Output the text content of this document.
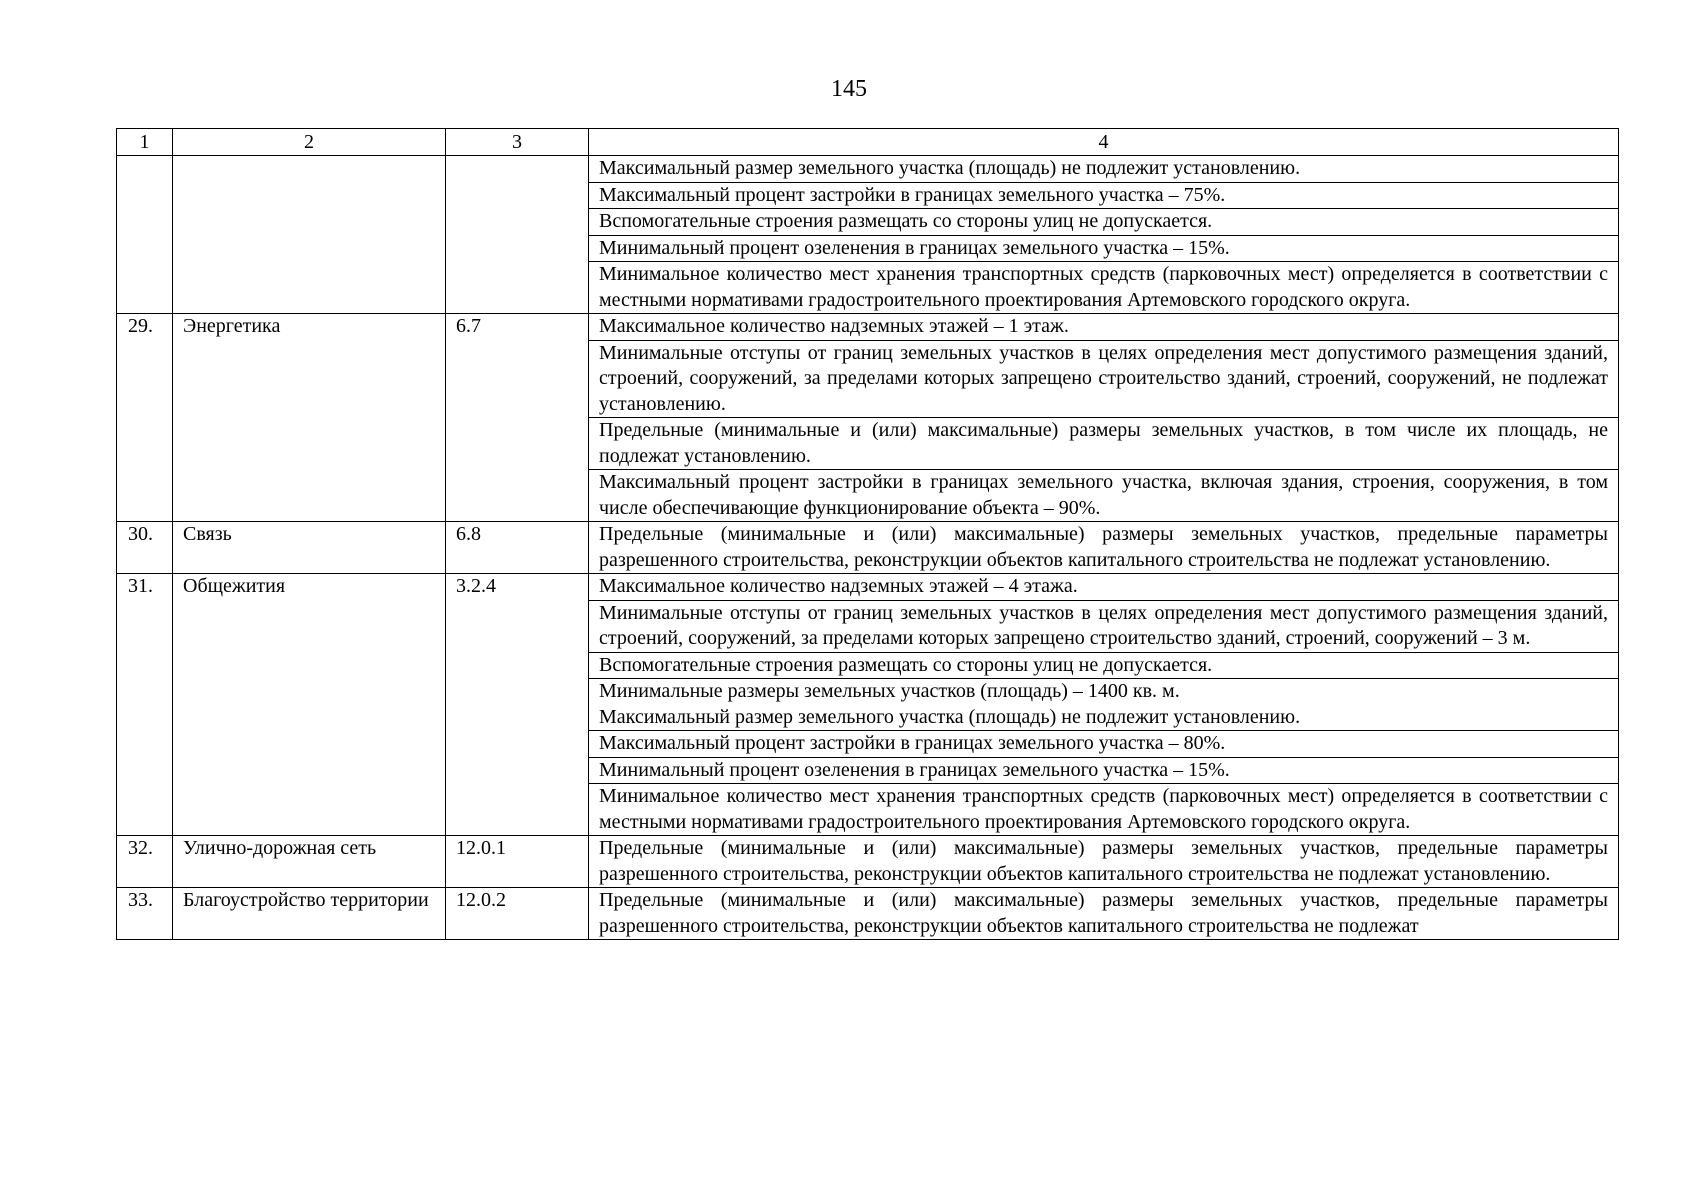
145
1	2	3	4
			Максимальный размер земельного участка (площадь) не подлежит установлению.
			Максимальный процент застройки в границах земельного участка – 75%.
			Вспомогательные строения размещать со стороны улиц не допускается.
			Минимальный процент озеленения в границах земельного участка – 15%.
			Минимальное количество мест хранения транспортных средств (парковочных мест) определяется в соответствии с местными нормативами градостроительного проектирования Артемовского городского округа.
29.	Энергетика	6.7	Максимальное количество надземных этажей – 1 этаж.
			Минимальные отступы от границ земельных участков в целях определения мест допустимого размещения зданий, строений, сооружений, за пределами которых запрещено строительство зданий, строений, сооружений, не подлежат установлению.
			Предельные (минимальные и (или) максимальные) размеры земельных участков, в том числе их площадь, не подлежат установлению.
			Максимальный процент застройки в границах земельного участка, включая здания, строения, сооружения, в том числе обеспечивающие функционирование объекта – 90%.
30.	Связь	6.8	Предельные (минимальные и (или) максимальные) размеры земельных участков, предельные параметры разрешенного строительства, реконструкции объектов капитального строительства не подлежат установлению.
31.	Общежития	3.2.4	Максимальное количество надземных этажей – 4 этажа.
			Минимальные отступы от границ земельных участков в целях определения мест допустимого размещения зданий, строений, сооружений, за пределами которых запрещено строительство зданий, строений, сооружений – 3 м.
			Вспомогательные строения размещать со стороны улиц не допускается.
			Минимальные размеры земельных участков (площадь) – 1400 кв. м.
Максимальный размер земельного участка (площадь) не подлежит установлению.
			Максимальный процент застройки в границах земельного участка – 80%.
			Минимальный процент озеленения в границах земельного участка – 15%.
			Минимальное количество мест хранения транспортных средств (парковочных мест) определяется в соответствии с местными нормативами градостроительного проектирования Артемовского городского округа.
32.	Улично-дорожная сеть	12.0.1	Предельные (минимальные и (или) максимальные) размеры земельных участков, предельные параметры разрешенного строительства, реконструкции объектов капитального строительства не подлежат установлению.
33.	Благоустройство территории	12.0.2	Предельные (минимальные и (или) максимальные) размеры земельных участков, предельные параметры разрешенного строительства, реконструкции объектов капитального строительства не подлежат
